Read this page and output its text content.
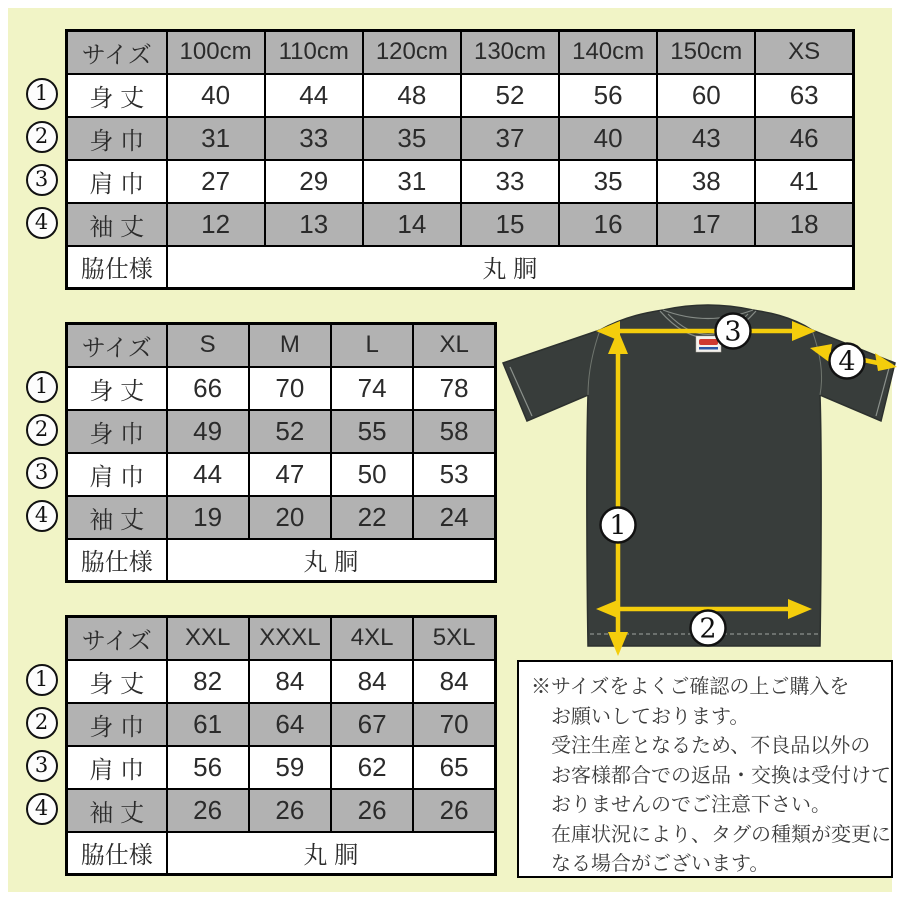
1
2
3
4
サイズ	100cm	110cm	120cm	130cm	140cm	150cm	XS
身 丈	40	44	48	52	56	60	63
身 巾	31	33	35	37	40	43	46
肩 巾	27	29	31	33	35	38	41
袖 丈	12	13	14	15	16	17	18
脇仕様	丸 胴						
1
2
3
4
サイズ	S	M	L	XL
身 丈	66	70	74	78
身 巾	49	52	55	58
肩 巾	44	47	50	53
袖 丈	19	20	22	24
脇仕様	丸 胴			
1
2
3
4
サイズ	XXL	XXXL	4XL	5XL
身 丈	82	84	84	84
身 巾	61	64	67	70
肩 巾	56	59	62	65
袖 丈	26	26	26	26
脇仕様	丸 胴			
3
4
1
2
※サイズをよくご確認の上ご購入を
お願いしております。
受注生産となるため、不良品以外の
お客様都合での返品・交換は受付けて
おりませんのでご注意下さい。
在庫状況により、タグの種類が変更に
なる場合がございます。
